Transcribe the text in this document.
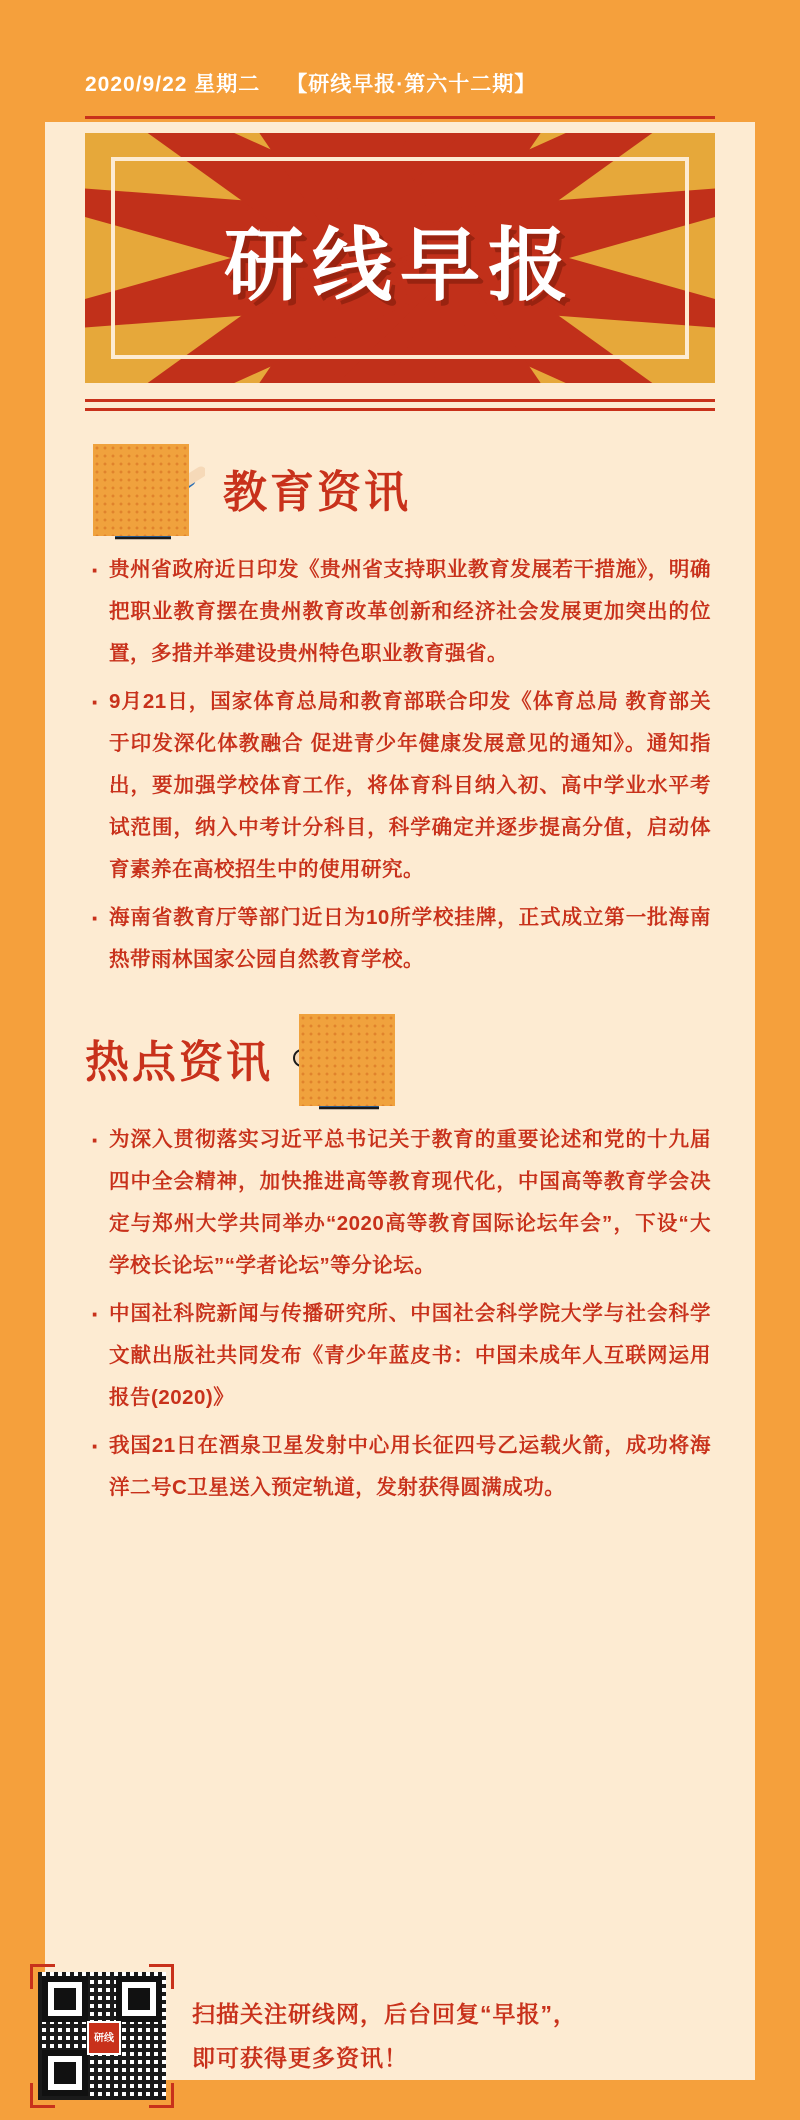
2020/9/22 星期二 【研线早报·第六十二期】
研线早报
教育资讯
· 贵州省政府近日印发《贵州省支持职业教育发展若干措施》，明确把职业教育摆在贵州教育改革创新和经济社会发展更加突出的位置，多措并举建设贵州特色职业教育强省。
· 9月21日，国家体育总局和教育部联合印发《体育总局 教育部关于印发深化体教融合 促进青少年健康发展意见的通知》。通知指出，要加强学校体育工作，将体育科目纳入初、高中学业水平考试范围，纳入中考计分科目，科学确定并逐步提高分值，启动体育素养在高校招生中的使用研究。
· 海南省教育厅等部门近日为10所学校挂牌，正式成立第一批海南热带雨林国家公园自然教育学校。
热点资讯
· 为深入贯彻落实习近平总书记关于教育的重要论述和党的十九届四中全会精神，加快推进高等教育现代化，中国高等教育学会决定与郑州大学共同举办“2020高等教育国际论坛年会”，下设“大学校长论坛”“学者论坛”等分论坛。
· 中国社科院新闻与传播研究所、中国社会科学院大学与社会科学文献出版社共同发布《青少年蓝皮书：中国未成年人互联网运用报告(2020)》
· 我国21日在酒泉卫星发射中心用长征四号乙运载火箭，成功将海洋二号C卫星送入预定轨道，发射获得圆满成功。
研线
扫描关注研线网，后台回复“早报”，
即可获得更多资讯！
